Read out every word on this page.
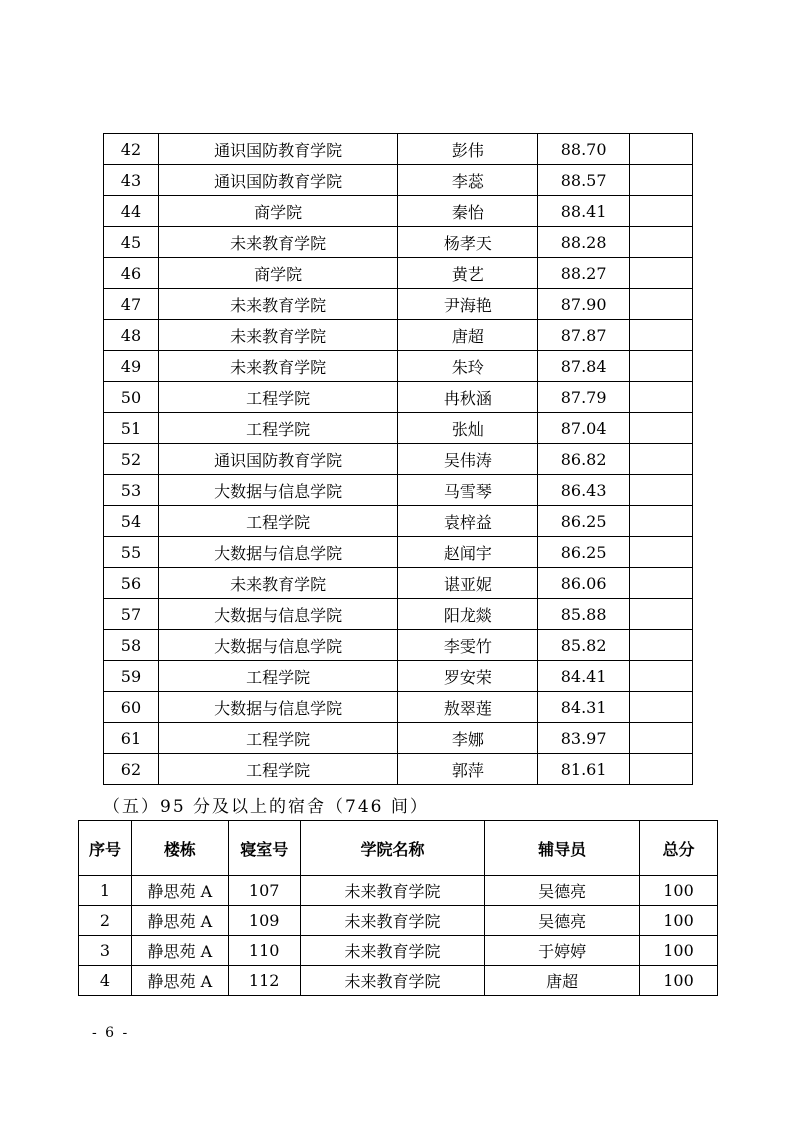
42	通识国防教育学院	彭伟	88.70	
43	通识国防教育学院	李蕊	88.57	
44	商学院	秦怡	88.41	
45	未来教育学院	杨孝天	88.28	
46	商学院	黄艺	88.27	
47	未来教育学院	尹海艳	87.90	
48	未来教育学院	唐超	87.87	
49	未来教育学院	朱玲	87.84	
50	工程学院	冉秋涵	87.79	
51	工程学院	张灿	87.04	
52	通识国防教育学院	吴伟涛	86.82	
53	大数据与信息学院	马雪琴	86.43	
54	工程学院	袁梓益	86.25	
55	大数据与信息学院	赵闻宇	86.25	
56	未来教育学院	谌亚妮	86.06	
57	大数据与信息学院	阳龙燚	85.88	
58	大数据与信息学院	李雯竹	85.82	
59	工程学院	罗安荣	84.41	
60	大数据与信息学院	敖翠莲	84.31	
61	工程学院	李娜	83.97	
62	工程学院	郭萍	81.61	
（五）95 分及以上的宿舍（746 间）
序号	楼栋	寝室号	学院名称	辅导员	总分
1	静思苑 A	107	未来教育学院	吴德亮	100
2	静思苑 A	109	未来教育学院	吴德亮	100
3	静思苑 A	110	未来教育学院	于婷婷	100
4	静思苑 A	112	未来教育学院	唐超	100
- 6 -
